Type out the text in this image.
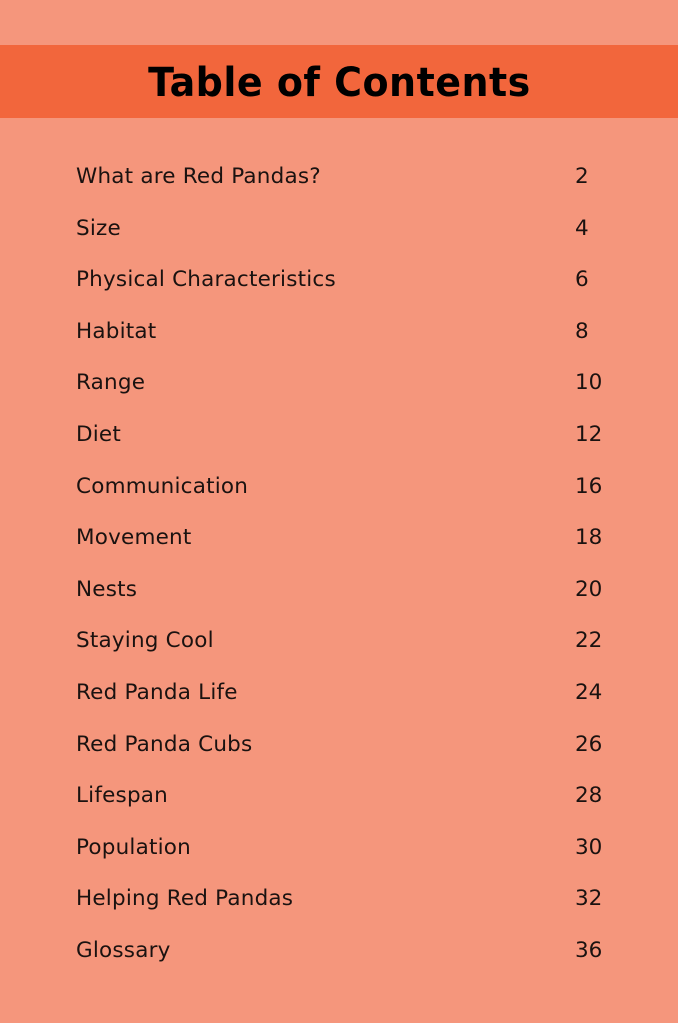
Table of Contents
What are Red Pandas?	2
Size	4
Physical Characteristics	6
Habitat	8
Range	10
Diet	12
Communication	16
Movement	18
Nests	20
Staying Cool	22
Red Panda Life	24
Red Panda Cubs	26
Lifespan	28
Population	30
Helping Red Pandas	32
Glossary	36
